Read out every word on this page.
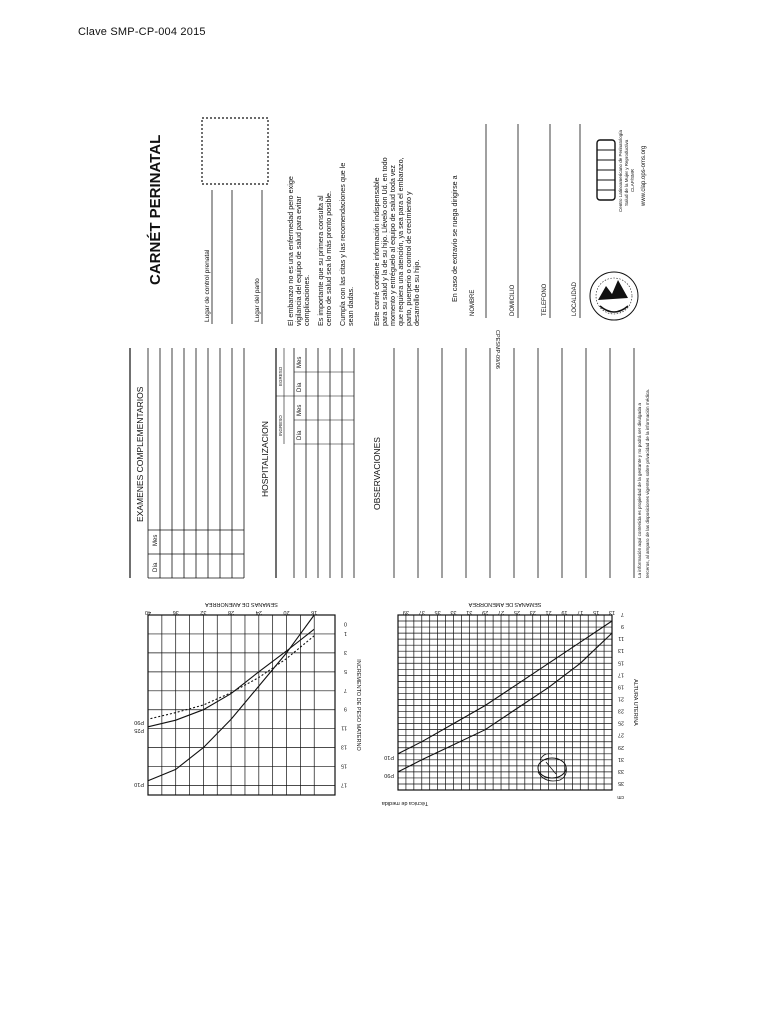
Clave SMP-CP-004 2015
CARNÉT PERINATAL
Lugar de control prenatal	Lugar del parto	El embarazo no es una enfermedad pero exige vigilancia del equipo de salud para evitar complicaciones. Es importante que su primera consulta al centro de salud sea lo más pronto posible. Cumpla con las citas y las recomendaciones que le sean dadas. Este carné contiene información indispensable para su salud y la de su hijo. Llévelo con Ud. en todo momento y entréguelo al equipo de salud toda vez que requiera una atención, ya sea para el embarazo, parto, puerperio o control de crecimiento y desarrollo de su hijo.	En caso de extravío se ruega dirigirse a
NOMBRE	DOMICILIO	TELEFONO	LOCALIDAD
CPESMP-09/06
Centro Latinoamericano de Perinatología Salud de la Mujer y Reproductiva CLAP/SMR www.clap.ops-oms.org
EXAMENES COMPLEMENTARIOS
Día
Mes
HOSPITALIZACION INGRESO
EGRESO
Día
Mes
Día
Mes
OBSERVACIONES	La información aquí contenida es propiedad de la gestante y no podrá ser divulgada a terceros, al amparo de las disposiciones vigentes sobre privacidad de la información médica.
16
20
24
28
32
36
40
0
1
3
5
7
9
11
13
15
17
SEMANAS DE AMENORREA
INCREMENTO DE PESO MATERNO
P90
P25
P10
13
15
17
19
21
23
25
27
29
31
33
35
37
39	7
9
11
13
15
17
19
21
23
25
27
29
31
33
35
cm
SEMANAS DE AMENORREA
ALTURA UTERINA
P90
P10
Técnica de medida
